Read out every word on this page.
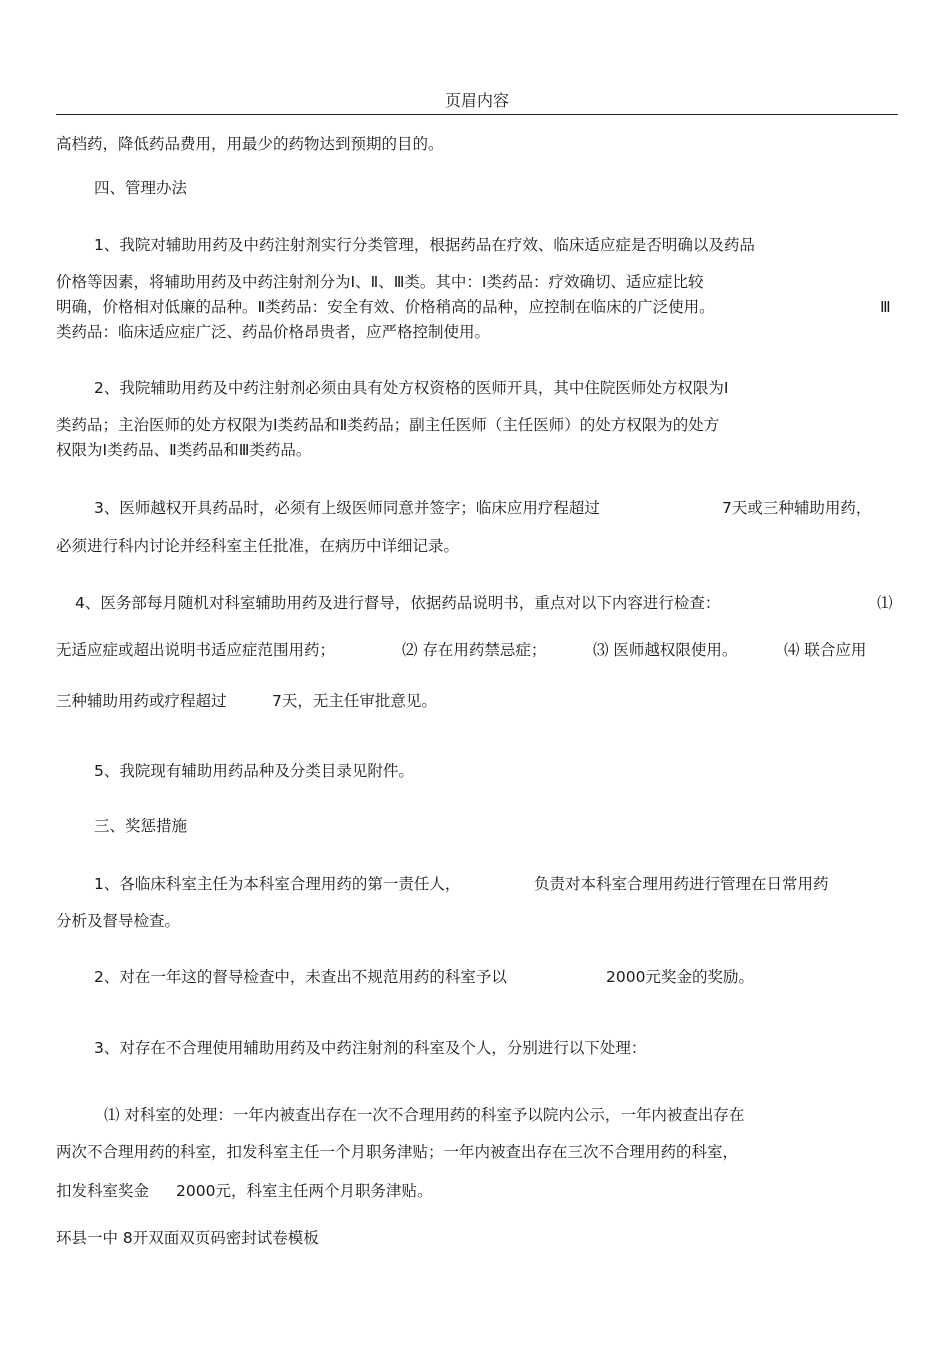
页眉内容
高档药，降低药品费用，用最少的药物达到预期的目的。
四、管理办法
1、我院对辅助用药及中药注射剂实行分类管理，根据药品在疗效、临床适应症是否明确以及药品
价格等因素，将辅助用药及中药注射剂分为Ⅰ、Ⅱ、Ⅲ类。其中：Ⅰ类药品：疗效确切、适应症比较
明确，价格相对低廉的品种。Ⅱ类药品：安全有效、价格稍高的品种，应控制在临床的广泛使用。	Ⅲ
类药品：临床适应症广泛、药品价格昂贵者，应严格控制使用。
2、我院辅助用药及中药注射剂必须由具有处方权资格的医师开具，其中住院医师处方权限为Ⅰ
类药品；主治医师的处方权限为Ⅰ类药品和Ⅱ类药品；副主任医师（主任医师）的处方权限为的处方
权限为Ⅰ类药品、Ⅱ类药品和Ⅲ类药品。
3、医师越权开具药品时，必须有上级医师同意并签字；临床应用疗程超过	7天或三种辅助用药，
必须进行科内讨论并经科室主任批准，在病历中详细记录。
4、医务部每月随机对科室辅助用药及进行督导，依据药品说明书，重点对以下内容进行检查：	⑴
无适应症或超出说明书适应症范围用药；	⑵ 存在用药禁忌症；	⑶ 医师越权限使用。	⑷ 联合应用
三种辅助用药或疗程超过	7天，无主任审批意见。
5、我院现有辅助用药品种及分类目录见附件。
三、奖惩措施
1、各临床科室主任为本科室合理用药的第一责任人，	负责对本科室合理用药进行管理在日常用药
分析及督导检查。
2、对在一年这的督导检查中，未查出不规范用药的科室予以	2000元奖金的奖励。
3、对存在不合理使用辅助用药及中药注射剂的科室及个人，分别进行以下处理：
⑴ 对科室的处理：一年内被查出存在一次不合理用药的科室予以院内公示，一年内被查出存在
两次不合理用药的科室，扣发科室主任一个月职务津贴；一年内被查出存在三次不合理用药的科室，
扣发科室奖金 2000元，科室主任两个月职务津贴。
环县一中 8开双面双页码密封试卷模板
